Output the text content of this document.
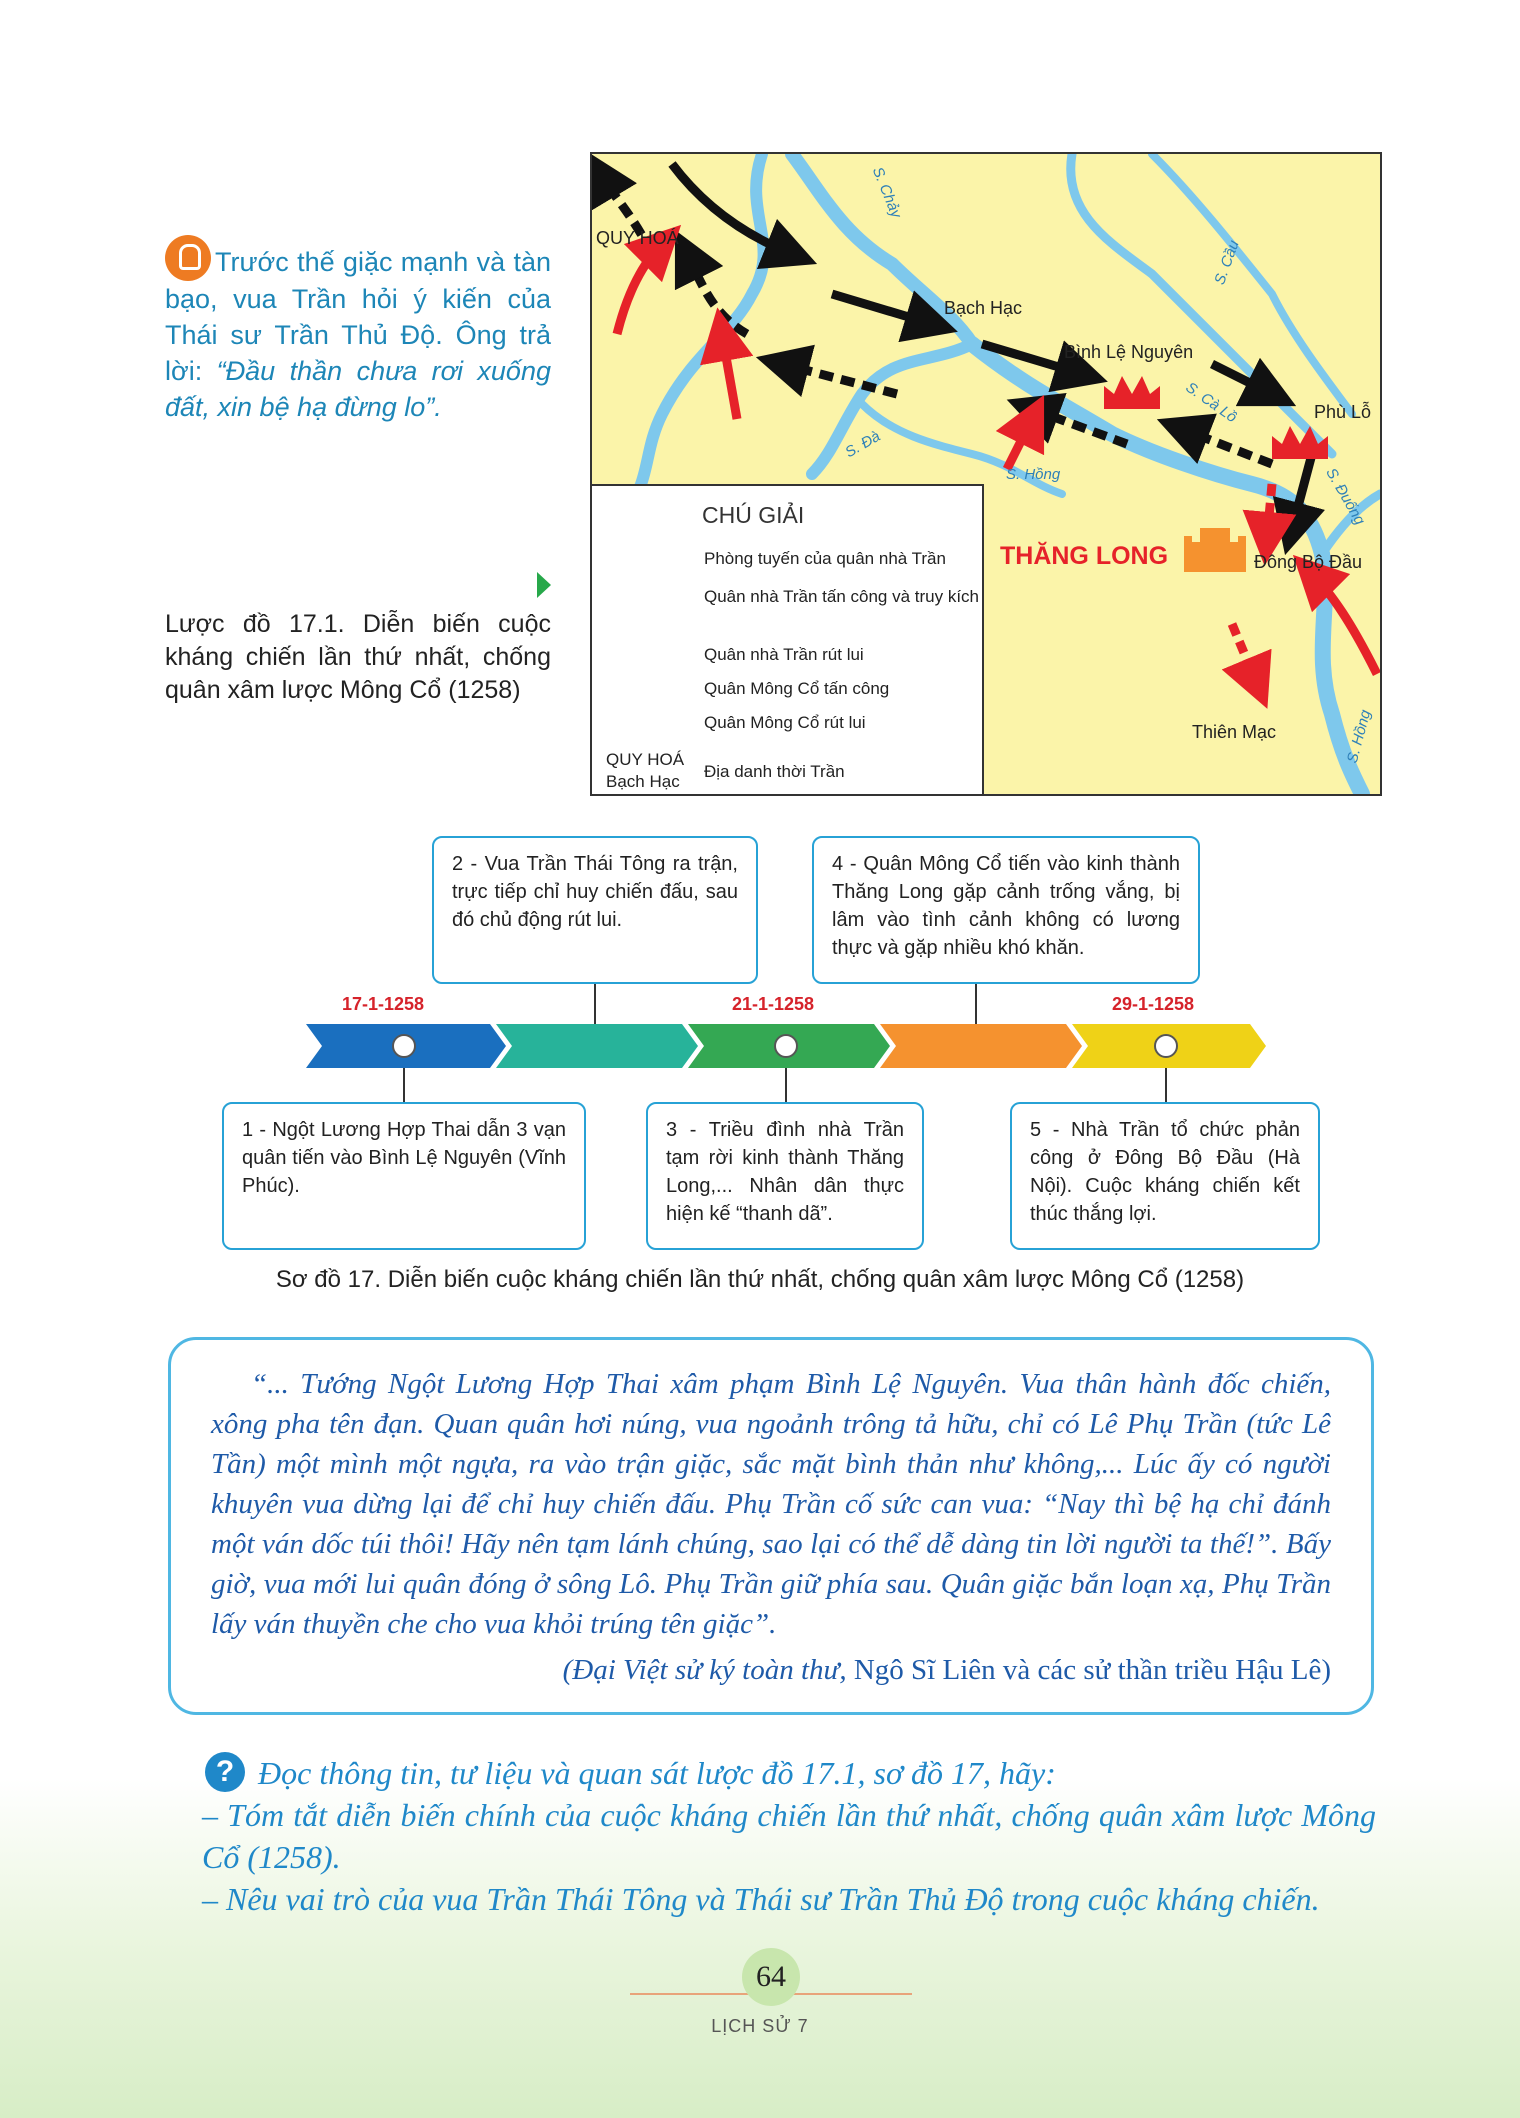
Trước thế giặc mạnh và tàn bạo, vua Trần hỏi ý kiến của Thái sư Trần Thủ Độ. Ông trả lời: “Đầu thần chưa rơi xuống đất, xin bệ hạ đừng lo”.
Lược đồ 17.1. Diễn biến cuộc kháng chiến lần thứ nhất, chống quân xâm lược Mông Cổ (1258)
QUY HOÁ
Bạch Hạc
Bình Lệ Nguyên
Phù Lỗ
THĂNG LONG	Đông Bộ Đầu
Thiên Mạc
S. Chảy
S. Cầu
S. Cà Lồ
S. Đà
S. Hồng	S. Đuống
S. Hồng
CHÚ GIẢI
Phòng tuyến của quân nhà Trần
Quân nhà Trần tấn công và truy kích
Quân nhà Trần rút lui
Quân Mông Cổ tấn công
Quân Mông Cổ rút lui
QUY HOÁ
Bạch Hạc
Địa danh thời Trần
2 - Vua Trần Thái Tông ra trận, trực tiếp chỉ huy chiến đấu, sau đó chủ động rút lui.
4 - Quân Mông Cổ tiến vào kinh thành Thăng Long gặp cảnh trống vắng, bị lâm vào tình cảnh không có lương thực và gặp nhiều khó khăn.
17-1-1258	21-1-1258	29-1-1258
1 - Ngột Lương Hợp Thai dẫn 3 vạn quân tiến vào Bình Lệ Nguyên (Vĩnh Phúc).
3 - Triều đình nhà Trần tạm rời kinh thành Thăng Long,... Nhân dân thực hiện kế “thanh dã”.
5 - Nhà Trần tổ chức phản công ở Đông Bộ Đầu (Hà Nội). Cuộc kháng chiến kết thúc thắng lợi.
Sơ đồ 17. Diễn biến cuộc kháng chiến lần thứ nhất, chống quân xâm lược Mông Cổ (1258)

“... Tướng Ngột Lương Hợp Thai xâm phạm Bình Lệ Nguyên. Vua thân hành đốc chiến, xông pha tên đạn. Quan quân hơi núng, vua ngoảnh trông tả hữu, chỉ có Lê Phụ Trần (tức Lê Tần) một mình một ngựa, ra vào trận giặc, sắc mặt bình thản như không,... Lúc ấy có người khuyên vua dừng lại để chỉ huy chiến đấu. Phụ Trần cố sức can vua: “Nay thì bệ hạ chỉ đánh một ván dốc túi thôi! Hãy nên tạm lánh chúng, sao lại có thể dễ dàng tin lời người ta thế!”. Bấy giờ, vua mới lui quân đóng ở sông Lô. Phụ Trần giữ phía sau. Quân giặc bắn loạn xạ, Phụ Trần lấy ván thuyền che cho vua khỏi trúng tên giặc”.

(Đại Việt sử ký toàn thư, Ngô Sĩ Liên và các sử thần triều Hậu Lê)
? Đọc thông tin, tư liệu và quan sát lược đồ 17.1, sơ đồ 17, hãy:
– Tóm tắt diễn biến chính của cuộc kháng chiến lần thứ nhất, chống quân xâm lược Mông Cổ (1258).
– Nêu vai trò của vua Trần Thái Tông và Thái sư Trần Thủ Độ trong cuộc kháng chiến.
64
LỊCH SỬ 7
